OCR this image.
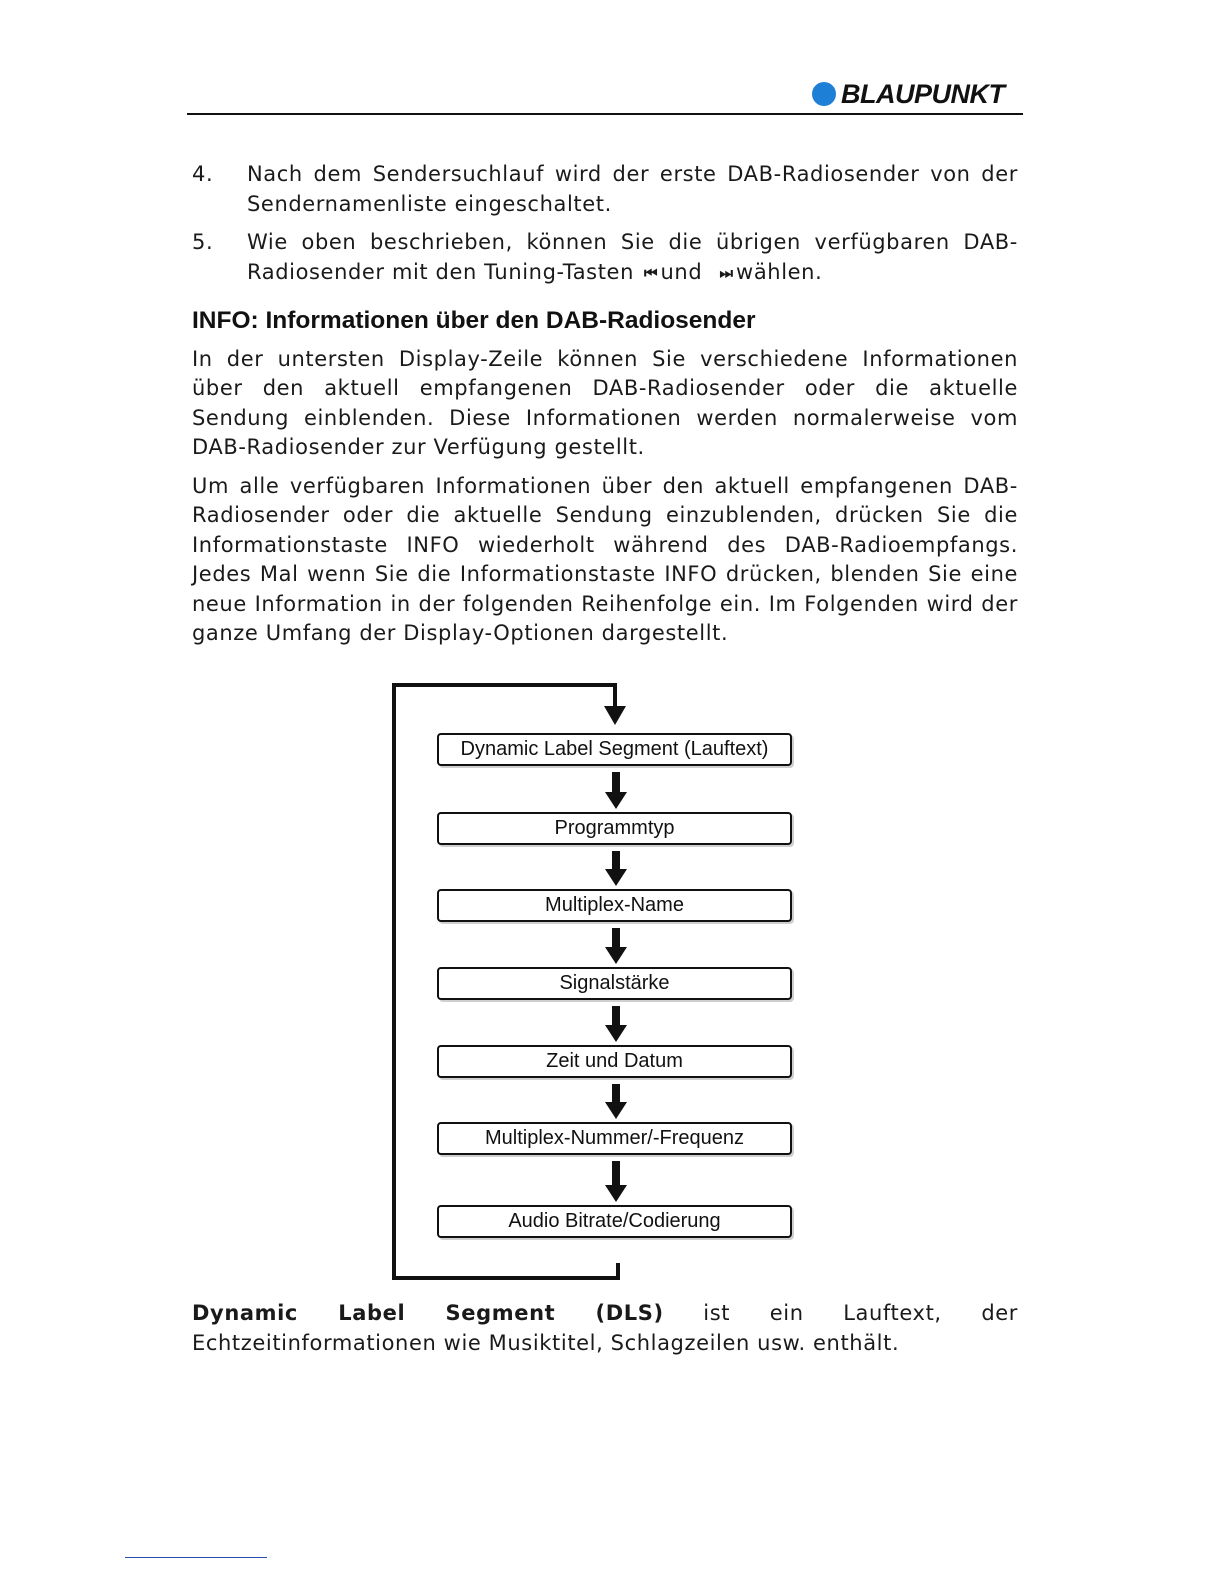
BLAUPUNKT
4.	Nach dem Sendersuchlauf wird der erste DAB-Radiosender von der Sendernamenliste eingeschaltet.
5.	Wie oben beschrieben, können Sie die übrigen verfügbaren DAB-Radiosender mit den Tuning-Tasten ⏮ und ⏭ wählen.
INFO: Informationen über den DAB-Radiosender

In der untersten Display-Zeile können Sie verschiedene Informationen über den aktuell empfangenen DAB-Radiosender oder die aktuelle Sendung einblenden. Diese Informationen werden normalerweise vom DAB-Radiosender zur Verfügung gestellt.

Um alle verfügbaren Informationen über den aktuell empfangenen DAB-Radiosender oder die aktuelle Sendung einzublenden, drücken Sie die Informationstaste INFO wiederholt während des DAB-Radioempfangs. Jedes Mal wenn Sie die Informationstaste INFO drücken, blenden Sie eine neue Information in der folgenden Reihenfolge ein. Im Folgenden wird der ganze Umfang der Display-Optionen dargestellt.

Dynamic Label Segment (Lauftext)
Programmtyp
Multiplex-Name
Signalstärke
Zeit und Datum
Multiplex-Nummer/-Frequenz
Audio Bitrate/Codierung
Dynamic Label Segment (DLS) ist ein Lauftext, der Echtzeitinformationen wie Musiktitel, Schlagzeilen usw. enthält.
